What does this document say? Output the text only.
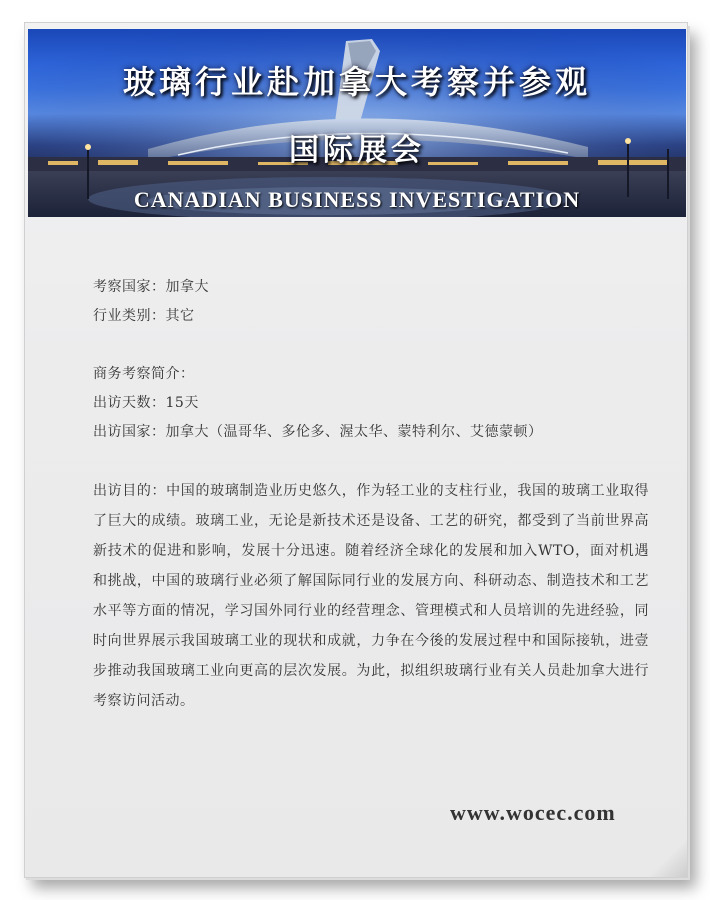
玻璃行业赴加拿大考察并参观
国际展会
CANADIAN BUSINESS INVESTIGATION

考察国家：加拿大

行业类别：其它

商务考察简介：

出访天数：15天

出访国家：加拿大（温哥华、多伦多、渥太华、蒙特利尔、艾德蒙顿）

出访目的：中国的玻璃制造业历史悠久，作为轻工业的支柱行业，我国的玻璃工业取得了巨大的成绩。玻璃工业，无论是新技术还是设备、工艺的研究，都受到了当前世界高新技术的促进和影响，发展十分迅速。随着经济全球化的发展和加入WTO，面对机遇和挑战，中国的玻璃行业必须了解国际同行业的发展方向、科研动态、制造技术和工艺水平等方面的情况，学习国外同行业的经营理念、管理模式和人员培训的先进经验，同时向世界展示我国玻璃工业的现状和成就，力争在今後的发展过程中和国际接轨，进壹步推动我国玻璃工业向更高的层次发展。为此，拟组织玻璃行业有关人员赴加拿大进行考察访问活动。

www.wocec.com
